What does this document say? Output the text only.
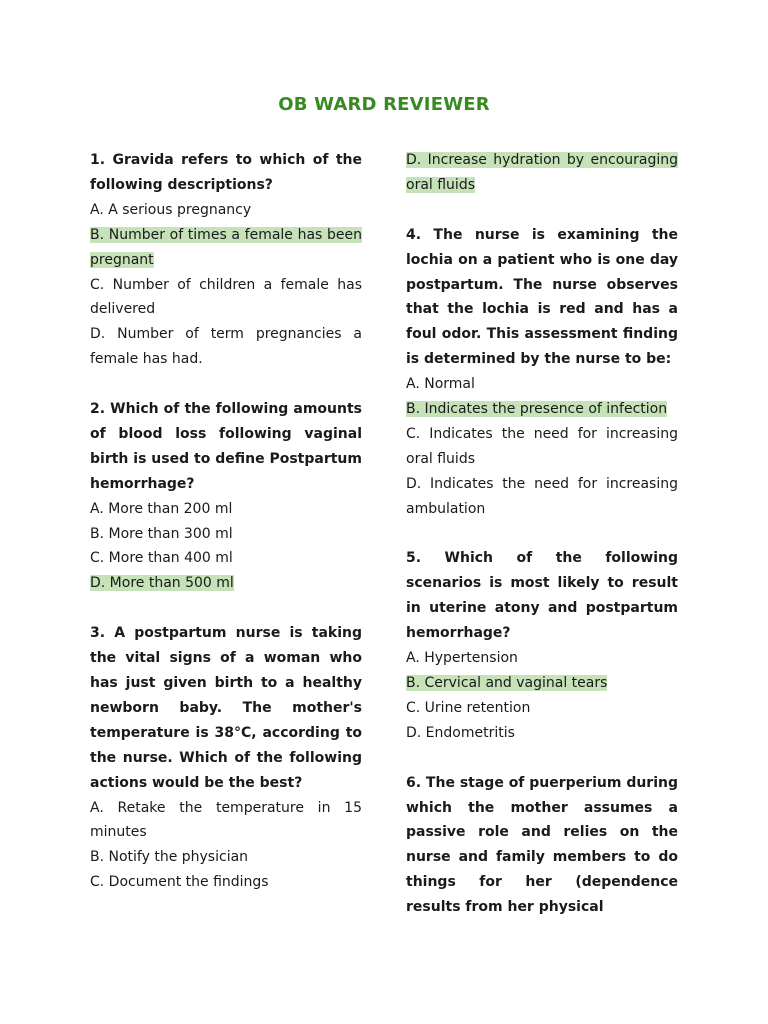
OB WARD REVIEWER
1. Gravida refers to which of the following descriptions?
A. A serious pregnancy
B. Number of times a female has been pregnant
C. Number of children a female has delivered
D. Number of term pregnancies a female has had.
2. Which of the following amounts of blood loss following vaginal birth is used to define Postpartum hemorrhage?
A. More than 200 ml
B. More than 300 ml
C. More than 400 ml
D. More than 500 ml
3. A postpartum nurse is taking the vital signs of a woman who has just given birth to a healthy newborn baby. The mother's temperature is 38°C, according to the nurse. Which of the following actions would be the best?
A. Retake the temperature in 15 minutes
B. Notify the physician
C. Document the findings
D. Increase hydration by encouraging oral fluids
4. The nurse is examining the lochia on a patient who is one day postpartum. The nurse observes that the lochia is red and has a foul odor. This assessment finding is determined by the nurse to be:
A. Normal
B. Indicates the presence of infection
C. Indicates the need for increasing oral fluids
D. Indicates the need for increasing ambulation
5. Which of the following scenarios is most likely to result in uterine atony and postpartum hemorrhage?
A. Hypertension
B. Cervical and vaginal tears
C. Urine retention
D. Endometritis
6. The stage of puerperium during which the mother assumes a passive role and relies on the nurse and family members to do things for her (dependence results from her physical
